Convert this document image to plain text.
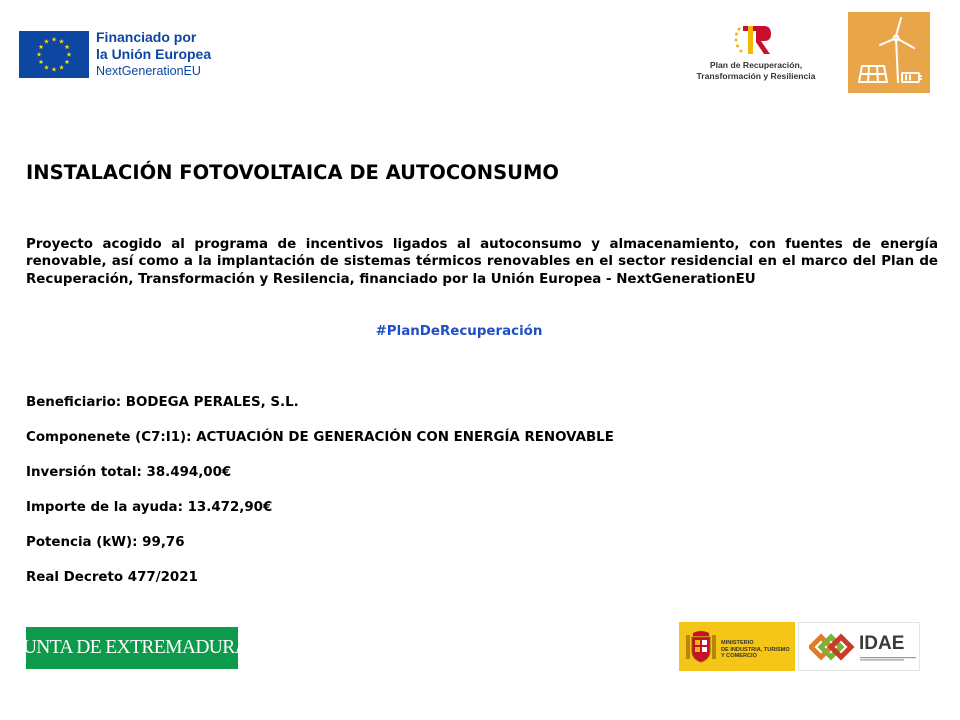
Financiado por
la Unión Europea
NextGenerationEU	Plan de Recuperación,
Transformación y Resiliencia
INSTALACIÓN FOTOVOLTAICA DE AUTOCONSUMO
Proyecto acogido al programa de incentivos ligados al autoconsumo y almacenamiento, con fuentes de energía renovable, así como a la implantación de sistemas térmicos renovables en el sector residencial en el marco del Plan de Recuperación, Transformación y Resilencia, financiado por la Unión Europea - NextGenerationEU
#PlanDeRecuperación
Beneficiario: BODEGA PERALES, S.L.
Componenete (C7:I1): ACTUACIÓN DE GENERACIÓN CON ENERGÍA RENOVABLE
Inversión total: 38.494,00€
Importe de la ayuda: 13.472,90€
Potencia (kW): 99,76
Real Decreto 477/2021
JUNTA DE EXTREMADURA	MINISTERIO
DE INDUSTRIA, TURISMO
Y COMERCIO
IDAE
